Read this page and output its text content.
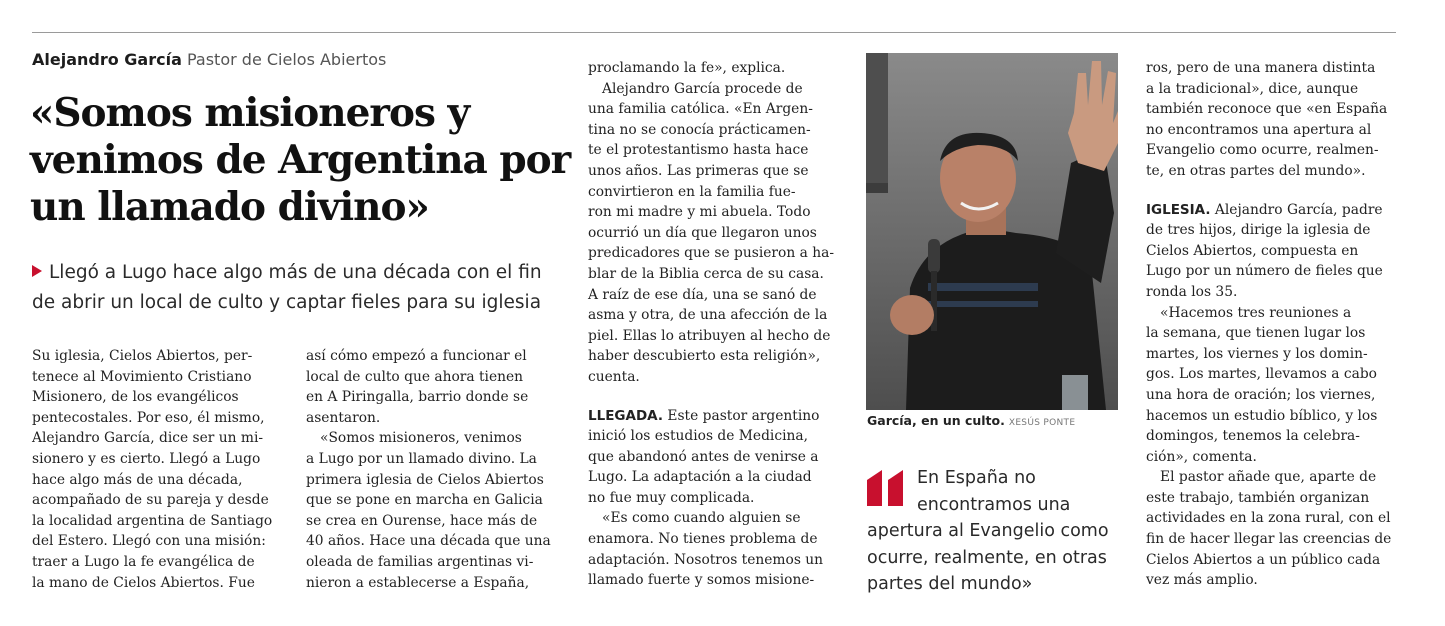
Alejandro García Pastor de Cielos Abiertos
«Somos misioneros y
venimos de Argentina por
un llamado divino»
Llegó a Lugo hace algo más de una década con el fin
de abrir un local de culto y captar fieles para su iglesia
Su iglesia, Cielos Abiertos, per-
tenece al Movimiento Cristiano
Misionero, de los evangélicos
pentecostales. Por eso, él mismo,
Alejandro García, dice ser un mi-
sionero y es cierto. Llegó a Lugo
hace algo más de una década,
acompañado de su pareja y desde
la localidad argentina de Santiago
del Estero. Llegó con una misión:
traer a Lugo la fe evangélica de
la mano de Cielos Abiertos. Fue
así cómo empezó a funcionar el
local de culto que ahora tienen
en A Piringalla, barrio donde se
asentaron.
«Somos misioneros, venimos
a Lugo por un llamado divino. La
primera iglesia de Cielos Abiertos
que se pone en marcha en Galicia
se crea en Ourense, hace más de
40 años. Hace una década que una
oleada de familias argentinas vi-
nieron a establecerse a España,
proclamando la fe», explica.
Alejandro García procede de
una familia católica. «En Argen-
tina no se conocía prácticamen-
te el protestantismo hasta hace
unos años. Las primeras que se
convirtieron en la familia fue-
ron mi madre y mi abuela. Todo
ocurrió un día que llegaron unos
predicadores que se pusieron a ha-
blar de la Biblia cerca de su casa.
A raíz de ese día, una se sanó de
asma y otra, de una afección de la
piel. Ellas lo atribuyen al hecho de
haber descubierto esta religión»,
cuenta.
LLEGADA. Este pastor argentino
inició los estudios de Medicina,
que abandonó antes de venirse a
Lugo. La adaptación a la ciudad
no fue muy complicada.
«Es como cuando alguien se
enamora. No tienes problema de
adaptación. Nosotros tenemos un
llamado fuerte y somos misione-
García, en un culto. XESÚS PONTE
En España no
encontramos una
apertura al Evangelio como
ocurre, realmente, en otras
partes del mundo»
ros, pero de una manera distinta
a la tradicional», dice, aunque
también reconoce que «en España
no encontramos una apertura al
Evangelio como ocurre, realmen-
te, en otras partes del mundo».
IGLESIA. Alejandro García, padre
de tres hijos, dirige la iglesia de
Cielos Abiertos, compuesta en
Lugo por un número de fieles que
ronda los 35.
«Hacemos tres reuniones a
la semana, que tienen lugar los
martes, los viernes y los domin-
gos. Los martes, llevamos a cabo
una hora de oración; los viernes,
hacemos un estudio bíblico, y los
domingos, tenemos la celebra-
ción», comenta.
El pastor añade que, aparte de
este trabajo, también organizan
actividades en la zona rural, con el
fin de hacer llegar las creencias de
Cielos Abiertos a un público cada
vez más amplio.
